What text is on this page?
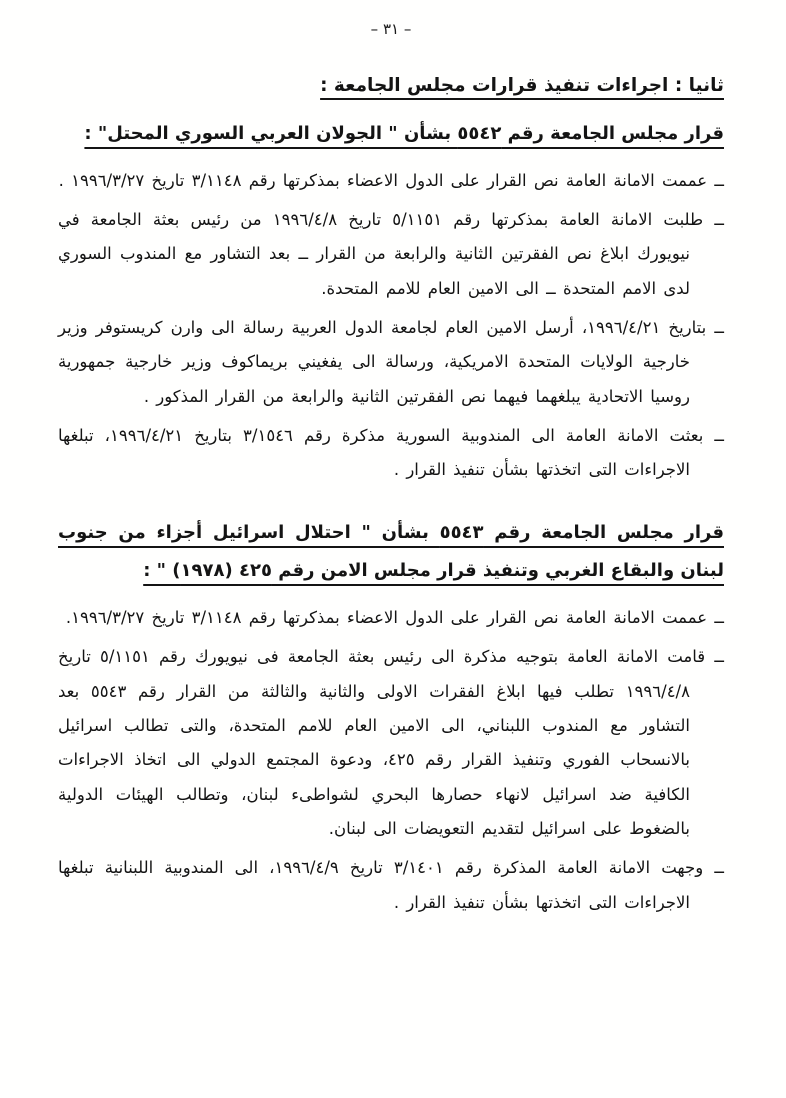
– ٣١ –
ثانيا : اجراءات تنفيذ قرارات مجلس الجامعة :
قرار مجلس الجامعة رقم ٥٥٤٢ بشأن " الجولان العربي السوري المحتل" :

ــ عممت الامانة العامة نص القرار على الدول الاعضاء بمذكرتها رقم ٣/١١٤٨ تاريخ ١٩٩٦/٣/٢٧ .

ــ طلبت الامانة العامة بمذكرتها رقم ٥/١١٥١ تاريخ ١٩٩٦/٤/٨ من رئيس بعثة الجامعة في نيويورك ابلاغ نص الفقرتين الثانية والرابعة من القرار ــ بعد التشاور مع المندوب السوري لدى الامم المتحدة ــ الى الامين العام للامم المتحدة.

ــ بتاريخ ١٩٩٦/٤/٢١، أرسل الامين العام لجامعة الدول العربية رسالة الى وارن كريستوفر وزير خارجية الولايات المتحدة الامريكية، ورسالة الى يفغيني بريماكوف وزير خارجية جمهورية روسيا الاتحادية يبلغهما فيهما نص الفقرتين الثانية والرابعة من القرار المذكور .

ــ بعثت الامانة العامة الى المندوبية السورية مذكرة رقم ٣/١٥٤٦ بتاريخ ١٩٩٦/٤/٢١، تبلغها الاجراءات التى اتخذتها بشأن تنفيذ القرار .

قرار مجلس الجامعة رقم ٥٥٤٣ بشأن " احتلال اسرائيل أجزاء من جنوب لبنان والبقاع الغربي وتنفيذ قرار مجلس الامن رقم ٤٢٥ (١٩٧٨) " :

ــ عممت الامانة العامة نص القرار على الدول الاعضاء بمذكرتها رقم ٣/١١٤٨ تاريخ ١٩٩٦/٣/٢٧.

ــ قامت الامانة العامة بتوجيه مذكرة الى رئيس بعثة الجامعة فى نيويورك رقم ٥/١١٥١ تاريخ ١٩٩٦/٤/٨ تطلب فيها ابلاغ الفقرات الاولى والثانية والثالثة من القرار رقم ٥٥٤٣ بعد التشاور مع المندوب اللبناني، الى الامين العام للامم المتحدة، والتى تطالب اسرائيل بالانسحاب الفوري وتنفيذ القرار رقم ٤٢٥، ودعوة المجتمع الدولي الى اتخاذ الاجراءات الكافية ضد اسرائيل لانهاء حصارها البحري لشواطىء لبنان، وتطالب الهيئات الدولية بالضغوط على اسرائيل لتقديم التعويضات الى لبنان.

ــ وجهت الامانة العامة المذكرة رقم ٣/١٤٠١ تاريخ ١٩٩٦/٤/٩، الى المندوبية اللبنانية تبلغها الاجراءات التى اتخذتها بشأن تنفيذ القرار .
